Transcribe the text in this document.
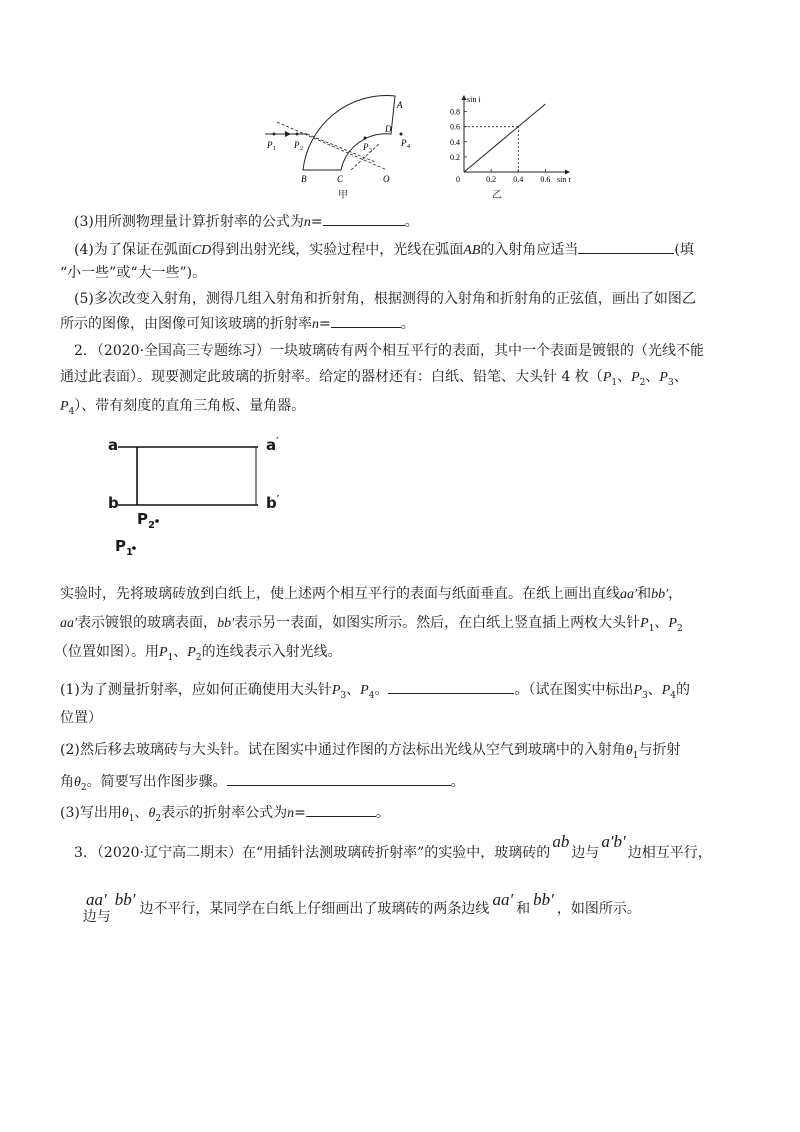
A
D
P 3
P 4
P 1 P 2
B	C	O
甲
0.8
0.6
0.4
0.2
0.2 0.4 0.6
0
sin i
sin r
乙
(3)用所测物理量计算折射率的公式为n=	。
(4)为了保证在弧面CD得到出射光线，实验过程中，光线在弧面AB的入射角应适当	(填
“小一些”或“大一些”)。
(5)多次改变入射角，测得几组入射角和折射角，根据测得的入射角和折射角的正弦值，画出了如图乙
所示的图像，由图像可知该玻璃的折射率n=	。
2．（2020·全国高三专题练习）一块玻璃砖有两个相互平行的表面，其中一个表面是镀银的（光线不能
通过此表面）。现要测定此玻璃的折射率。给定的器材还有：白纸、铅笔、大头针 4 枚（$P_1$、$P_2$、$P_3$、
$P_4$）、带有刻度的直角三角板、量角器。
a	a′
b	b′
$P_2$
$P_1$
实验时，先将玻璃砖放到白纸上，使上述两个相互平行的表面与纸面垂直。在纸上画出直线aa′和bb′，
aa′表示镀银的玻璃表面，bb′表示另一表面，如图实所示。然后，在白纸上竖直插上两枚大头针$P_1$、$P_2$
（位置如图）。用$P_1$、$P_2$的连线表示入射光线。
(1)为了测量折射率，应如何正确使用大头针$P_3$、$P_4$。	。（试在图实中标出$P_3$、$P_4$的
位置）
(2)然后移去玻璃砖与大头针。试在图实中通过作图的方法标出光线从空气到玻璃中的入射角$\theta_1$与折射
角$\theta_2$。简要写出作图步骤。	。
(3)写出用$\theta_1$、$\theta_2$表示的折射率公式为n=	。
3．（2020·辽宁高二期末）在“用插针法测玻璃砖折射率”的实验中，玻璃砖的ab边与a′b′边相互平行，
aa′边与bb′ 边不平行，某同学在白纸上仔细画出了玻璃砖的两条边线 aa′ 和 bb′ ，如图所示。
